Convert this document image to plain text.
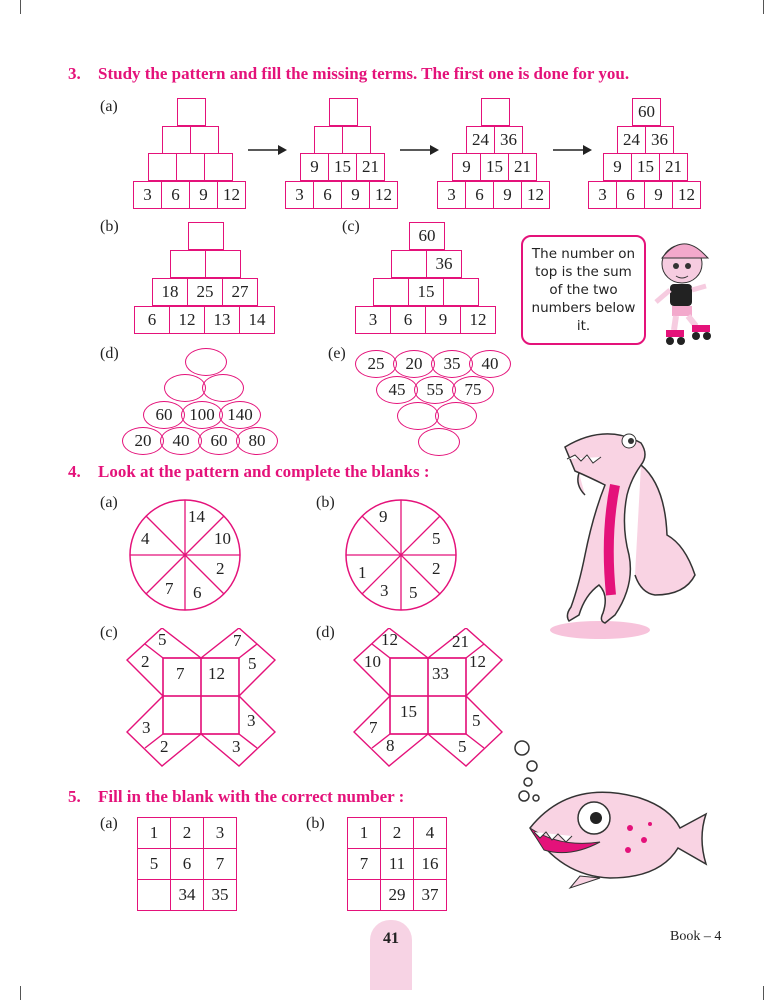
3. Study the pattern and fill the missing terms. The first one is done for you.
(a)
3	6	9 12
9 15 21
3	6	9 12
24 36
9 15 21
3	6	9 12
60
24 36
9 15 21
3	6	9 12
(b)
18	25	27
6	12	13	14
(c)	60
36
15
3	6	9	12
The number on top is the sum of the two numbers below it.
(d)
60 100 140
20	40	60	80
(e)
25	20	35	40
45	55	75
4. Look at the pattern and complete the blanks :
(a)
14
4	10
2
7 6
(b)
9
5
1	2
3 5
(c) 5
2
7
5
7 12
3
2
3
3
(d)	12
10
21
12
33
15
7
8
5
5
5. Fill in the blank with the correct number :
(a) 1	2	3
5	6	7
	34	35
(b) 1	2	4
7	11	16
	29	37
41	Book – 4
